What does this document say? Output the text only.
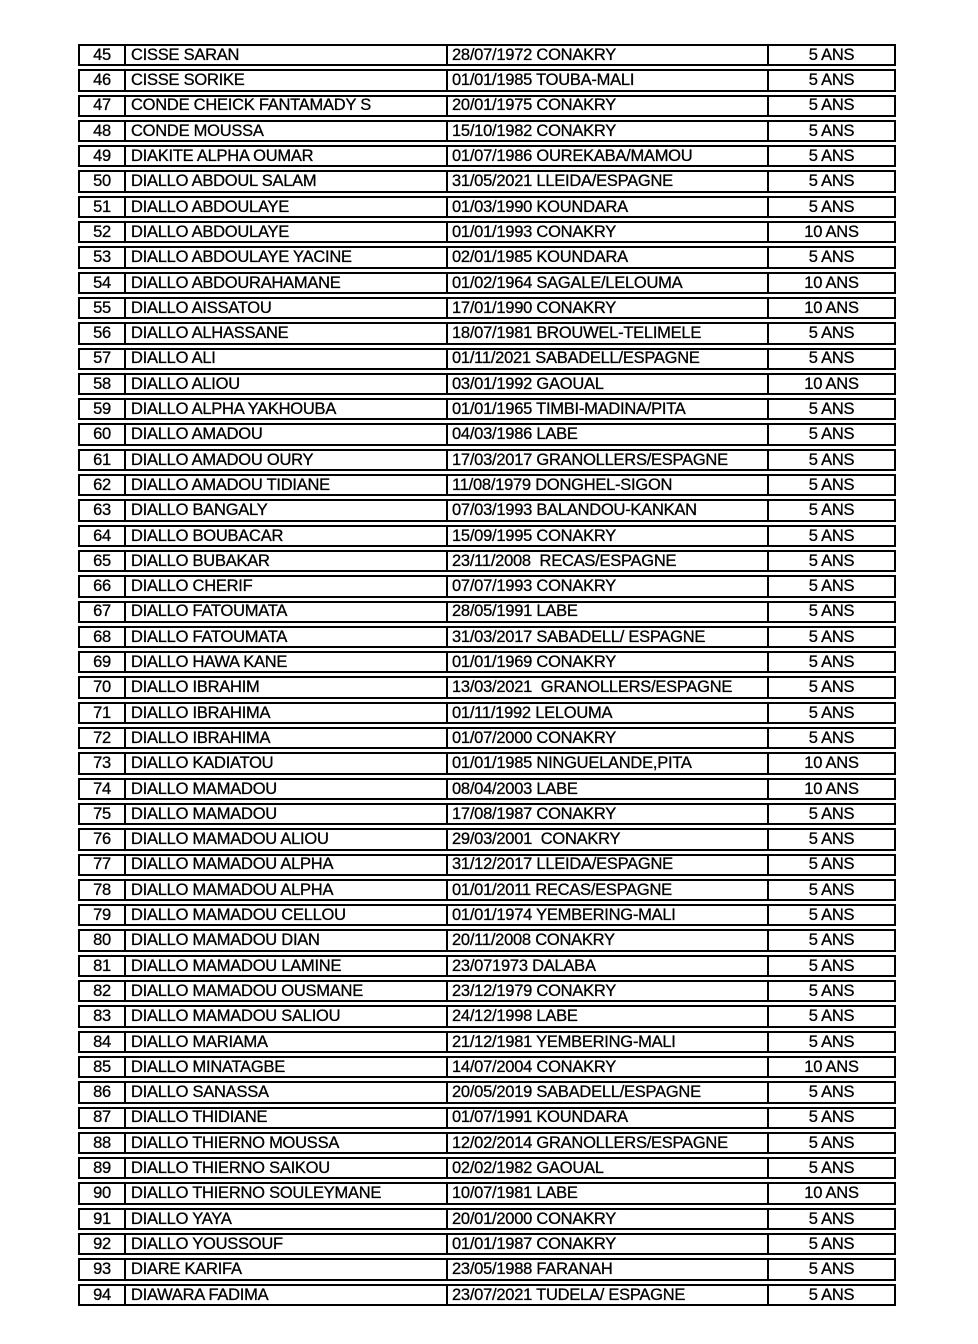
45	CISSE SARAN	28/07/1972 CONAKRY	5 ANS
46	CISSE SORIKE	01/01/1985 TOUBA-MALI	5 ANS
47	CONDE CHEICK FANTAMADY S	20/01/1975 CONAKRY	5 ANS
48	CONDE MOUSSA	15/10/1982 CONAKRY	5 ANS
49	DIAKITE ALPHA OUMAR	01/07/1986 OUREKABA/MAMOU	5 ANS
50	DIALLO ABDOUL SALAM	31/05/2021 LLEIDA/ESPAGNE	5 ANS
51	DIALLO ABDOULAYE	01/03/1990 KOUNDARA	5 ANS
52	DIALLO ABDOULAYE	01/01/1993 CONAKRY	10 ANS
53	DIALLO ABDOULAYE YACINE	02/01/1985 KOUNDARA	5 ANS
54	DIALLO ABDOURAHAMANE	01/02/1964 SAGALE/LELOUMA	10 ANS
55	DIALLO AISSATOU	17/01/1990 CONAKRY	10 ANS
56	DIALLO ALHASSANE	18/07/1981 BROUWEL-TELIMELE	5 ANS
57	DIALLO ALI	01/11/2021 SABADELL/ESPAGNE	5 ANS
58	DIALLO ALIOU	03/01/1992 GAOUAL	10 ANS
59	DIALLO ALPHA YAKHOUBA	01/01/1965 TIMBI-MADINA/PITA	5 ANS
60	DIALLO AMADOU	04/03/1986 LABE	5 ANS
61	DIALLO AMADOU OURY	17/03/2017 GRANOLLERS/ESPAGNE	5 ANS
62	DIALLO AMADOU TIDIANE	11/08/1979 DONGHEL-SIGON	5 ANS
63	DIALLO BANGALY	07/03/1993 BALANDOU-KANKAN	5 ANS
64	DIALLO BOUBACAR	15/09/1995 CONAKRY	5 ANS
65	DIALLO BUBAKAR	23/11/2008  RECAS/ESPAGNE	5 ANS
66	DIALLO CHERIF	07/07/1993 CONAKRY	5 ANS
67	DIALLO FATOUMATA	28/05/1991 LABE	5 ANS
68	DIALLO FATOUMATA	31/03/2017 SABADELL/ ESPAGNE	5 ANS
69	DIALLO HAWA KANE	01/01/1969 CONAKRY	5 ANS
70	DIALLO IBRAHIM	13/03/2021  GRANOLLERS/ESPAGNE	5 ANS
71	DIALLO IBRAHIMA	01/11/1992 LELOUMA	5 ANS
72	DIALLO IBRAHIMA	01/07/2000 CONAKRY	5 ANS
73	DIALLO KADIATOU	01/01/1985 NINGUELANDE,PITA	10 ANS
74	DIALLO MAMADOU	08/04/2003 LABE	10 ANS
75	DIALLO MAMADOU	17/08/1987 CONAKRY	5 ANS
76	DIALLO MAMADOU ALIOU	29/03/2001  CONAKRY	5 ANS
77	DIALLO MAMADOU ALPHA	31/12/2017 LLEIDA/ESPAGNE	5 ANS
78	DIALLO MAMADOU ALPHA	01/01/2011 RECAS/ESPAGNE	5 ANS
79	DIALLO MAMADOU CELLOU	01/01/1974 YEMBERING-MALI	5 ANS
80	DIALLO MAMADOU DIAN	20/11/2008 CONAKRY	5 ANS
81	DIALLO MAMADOU LAMINE	23/071973 DALABA	5 ANS
82	DIALLO MAMADOU OUSMANE	23/12/1979 CONAKRY	5 ANS
83	DIALLO MAMADOU SALIOU	24/12/1998 LABE	5 ANS
84	DIALLO MARIAMA	21/12/1981 YEMBERING-MALI	5 ANS
85	DIALLO MINATAGBE	14/07/2004 CONAKRY	10 ANS
86	DIALLO SANASSA	20/05/2019 SABADELL/ESPAGNE	5 ANS
87	DIALLO THIDIANE	01/07/1991 KOUNDARA	5 ANS
88	DIALLO THIERNO MOUSSA	12/02/2014 GRANOLLERS/ESPAGNE	5 ANS
89	DIALLO THIERNO SAIKOU	02/02/1982 GAOUAL	5 ANS
90	DIALLO THIERNO SOULEYMANE	10/07/1981 LABE	10 ANS
91	DIALLO YAYA	20/01/2000 CONAKRY	5 ANS
92	DIALLO YOUSSOUF	01/01/1987 CONAKRY	5 ANS
93	DIARE KARIFA	23/05/1988 FARANAH	5 ANS
94	DIAWARA FADIMA	23/07/2021 TUDELA/ ESPAGNE	5 ANS
